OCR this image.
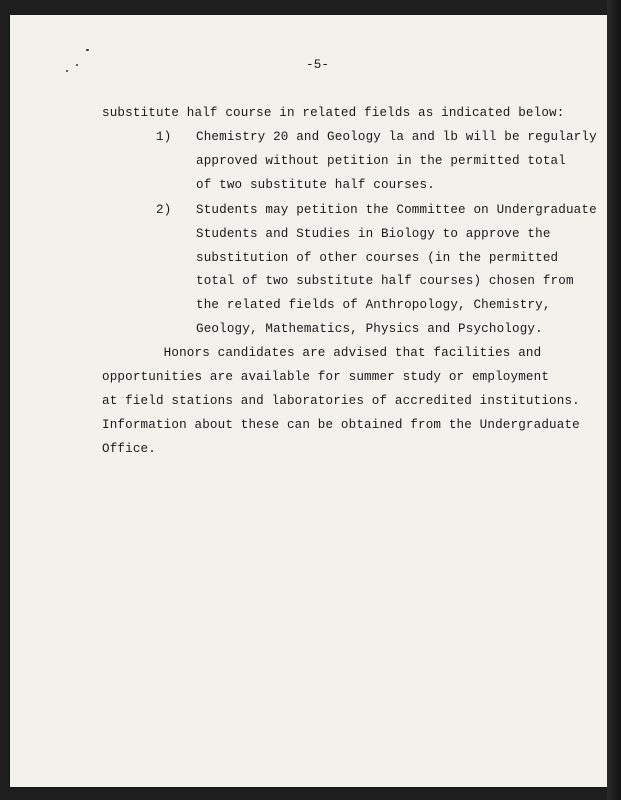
-5-
substitute half course in related fields as indicated below:
1) Chemistry 20 and Geology la and lb will be regularly
approved without petition in the permitted total
of two substitute half courses.
2) Students may petition the Committee on Undergraduate
Students and Studies in Biology to approve the
substitution of other courses (in the permitted
total of two substitute half courses) chosen from
the related fields of Anthropology, Chemistry,
Geology, Mathematics, Physics and Psychology.
Honors candidates are advised that facilities and
opportunities are available for summer study or employment
at field stations and laboratories of accredited institutions.
Information about these can be obtained from the Undergraduate
Office.
